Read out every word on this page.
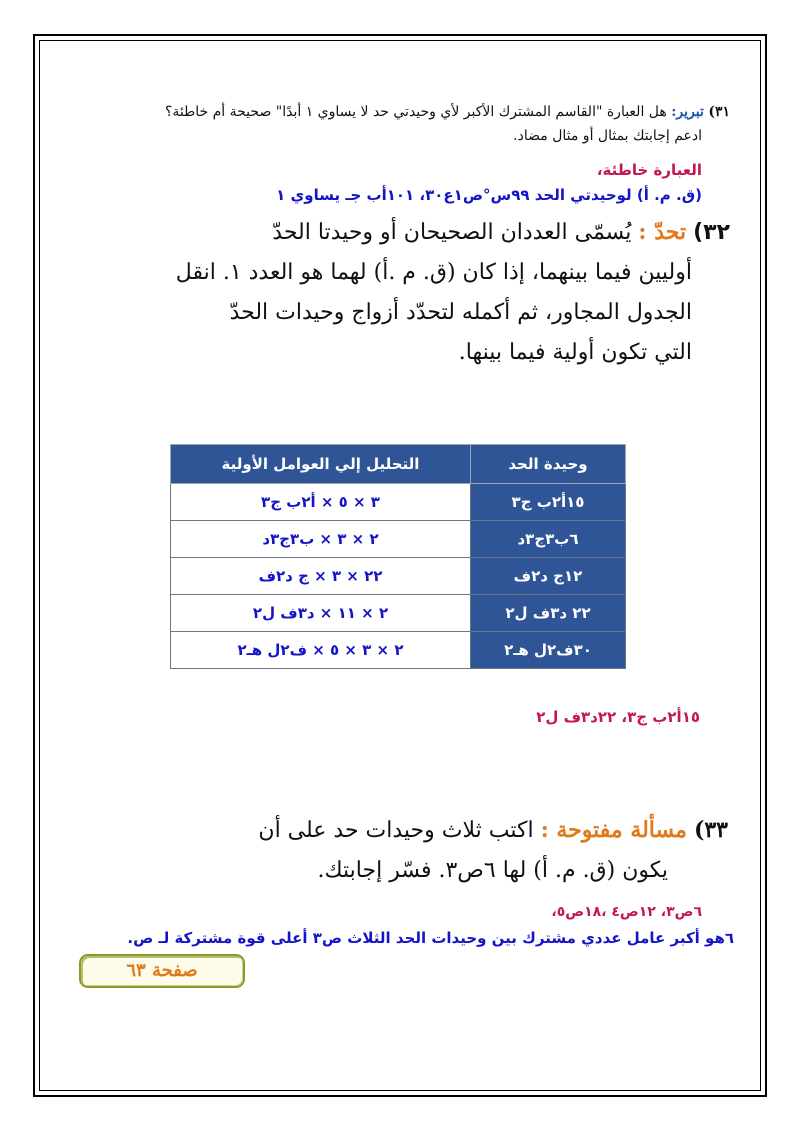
٣١) تبرير: هل العبارة "القاسم المشترك الأكبر لأي وحيدتي حد لا يساوي ١ أبدًا" صحيحة أم خاطئة؟
ادعم إجابتك بمثال أو مثال مضاد.
العبارة خاطئة،
(ق. م. أ) لوحيدتي الحد ٩٩س°ص١ع٣٠، ١٠١أب جـ يساوي ١
٣٢) تحدّ : يُسمّى العددان الصحيحان أو وحيدتا الحدّ
أوليين فيما بينهما، إذا كان (ق. م .أ) لهما هو العدد ١. انقل
الجدول المجاور، ثم أكمله لتحدّد أزواج وحيدات الحدّ
التي تكون أولية فيما بينها.
وحيدة الحد	التحليل إلي العوامل الأولية
١٥أ٢ب ج٣	٣ × ٥ × أ٢ب ج٣
٦ب٣ج٣د	٢ × ٣ × ب٣ج٣د
١٢ج د٢ف	٢٢ × ٣ × ج د٢ف
٢٢ د٣ف ل٢	٢ × ١١ × د٣ف ل٢
٣٠ف٢ل هـ٢	٢ × ٣ × ٥ × ف٢ل هـ٢
١٥أ٢ب ج٣، ٢٢د٣ف ل٢
٣٣) مسألة مفتوحة : اكتب ثلاث وحيدات حد على أن
يكون (ق. م. أ) لها ٦ص٣. فسّر إجابتك.
٦ص٣، ١٢ص٤ ،١٨ص٥،
٦هو أكبر عامل عددي مشترك بين وحيدات الحد الثلاث ص٣ أعلى قوة مشتركة لـ ص.
صفحة ٦٣
